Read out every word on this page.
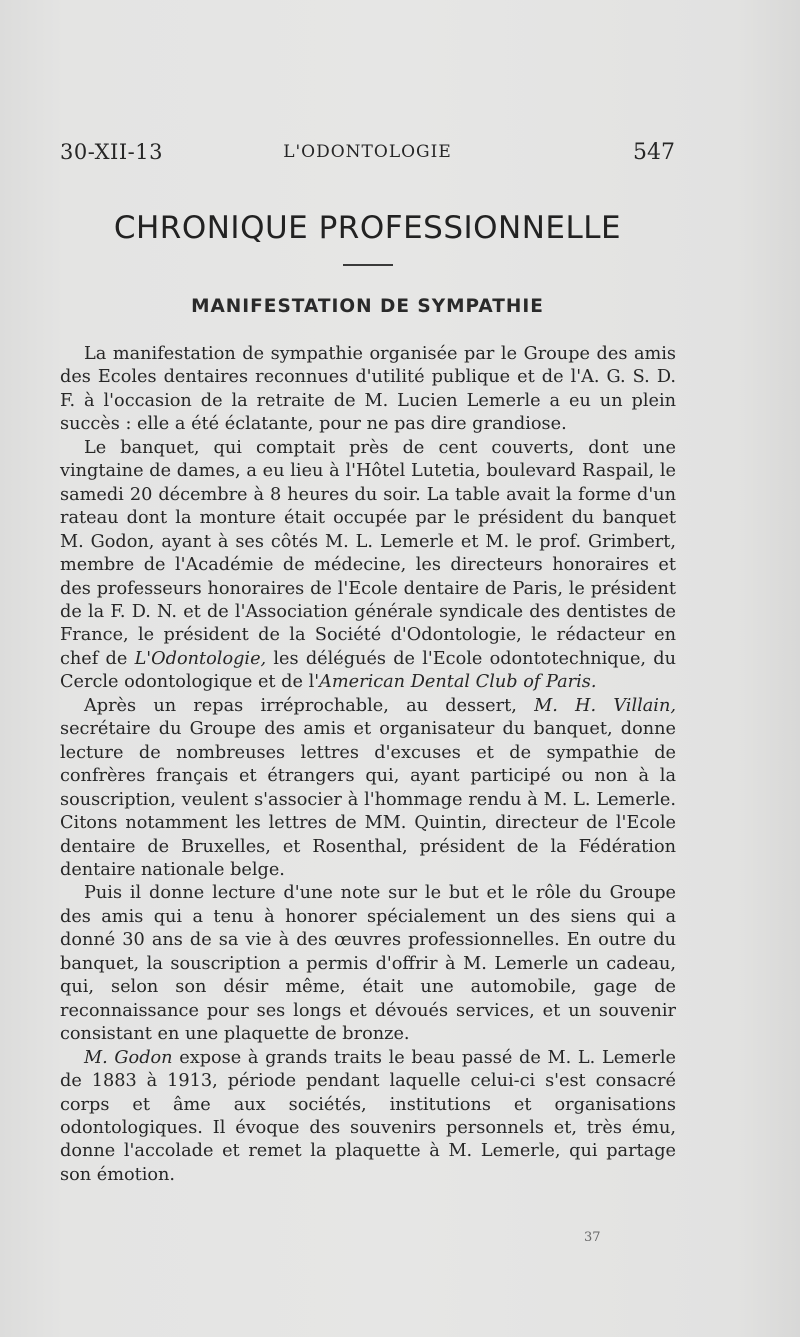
30-XII-13	L'ODONTOLOGIE	547
CHRONIQUE PROFESSIONNELLE
MANIFESTATION DE SYMPATHIE

La manifestation de sympathie organisée par le Groupe des amis des Ecoles dentaires reconnues d'utilité publique et de l'A. G. S. D. F. à l'occasion de la retraite de M. Lucien Lemerle a eu un plein succès : elle a été éclatante, pour ne pas dire grandiose.

Le banquet, qui comptait près de cent couverts, dont une vingtaine de dames, a eu lieu à l'Hôtel Lutetia, boulevard Raspail, le samedi 20 décembre à 8 heures du soir. La table avait la forme d'un rateau dont la monture était occupée par le président du banquet M. Godon, ayant à ses côtés M. L. Lemerle et M. le prof. Grimbert, membre de l'Académie de médecine, les directeurs honoraires et des professeurs honoraires de l'Ecole dentaire de Paris, le président de la F. D. N. et de l'Association générale syndicale des dentistes de France, le président de la Société d'Odontologie, le rédacteur en chef de L'Odontologie, les délégués de l'Ecole odontotechnique, du Cercle odontologique et de l'American Dental Club of Paris.

Après un repas irréprochable, au dessert, M. H. Villain, secrétaire du Groupe des amis et organisateur du banquet, donne lecture de nombreuses lettres d'excuses et de sympathie de confrères français et étrangers qui, ayant participé ou non à la souscription, veulent s'associer à l'hommage rendu à M. L. Lemerle. Citons notamment les lettres de MM. Quintin, directeur de l'Ecole dentaire de Bruxelles, et Rosenthal, président de la Fédération dentaire nationale belge.

Puis il donne lecture d'une note sur le but et le rôle du Groupe des amis qui a tenu à honorer spécialement un des siens qui a donné 30 ans de sa vie à des œuvres professionnelles. En outre du banquet, la souscription a permis d'offrir à M. Lemerle un cadeau, qui, selon son désir même, était une automobile, gage de reconnaissance pour ses longs et dévoués services, et un souvenir consistant en une plaquette de bronze.

M. Godon expose à grands traits le beau passé de M. L. Lemerle de 1883 à 1913, période pendant laquelle celui-ci s'est consacré corps et âme aux sociétés, institutions et organisations odontologiques. Il évoque des souvenirs personnels et, très ému, donne l'accolade et remet la plaquette à M. Lemerle, qui partage son émotion.

37
